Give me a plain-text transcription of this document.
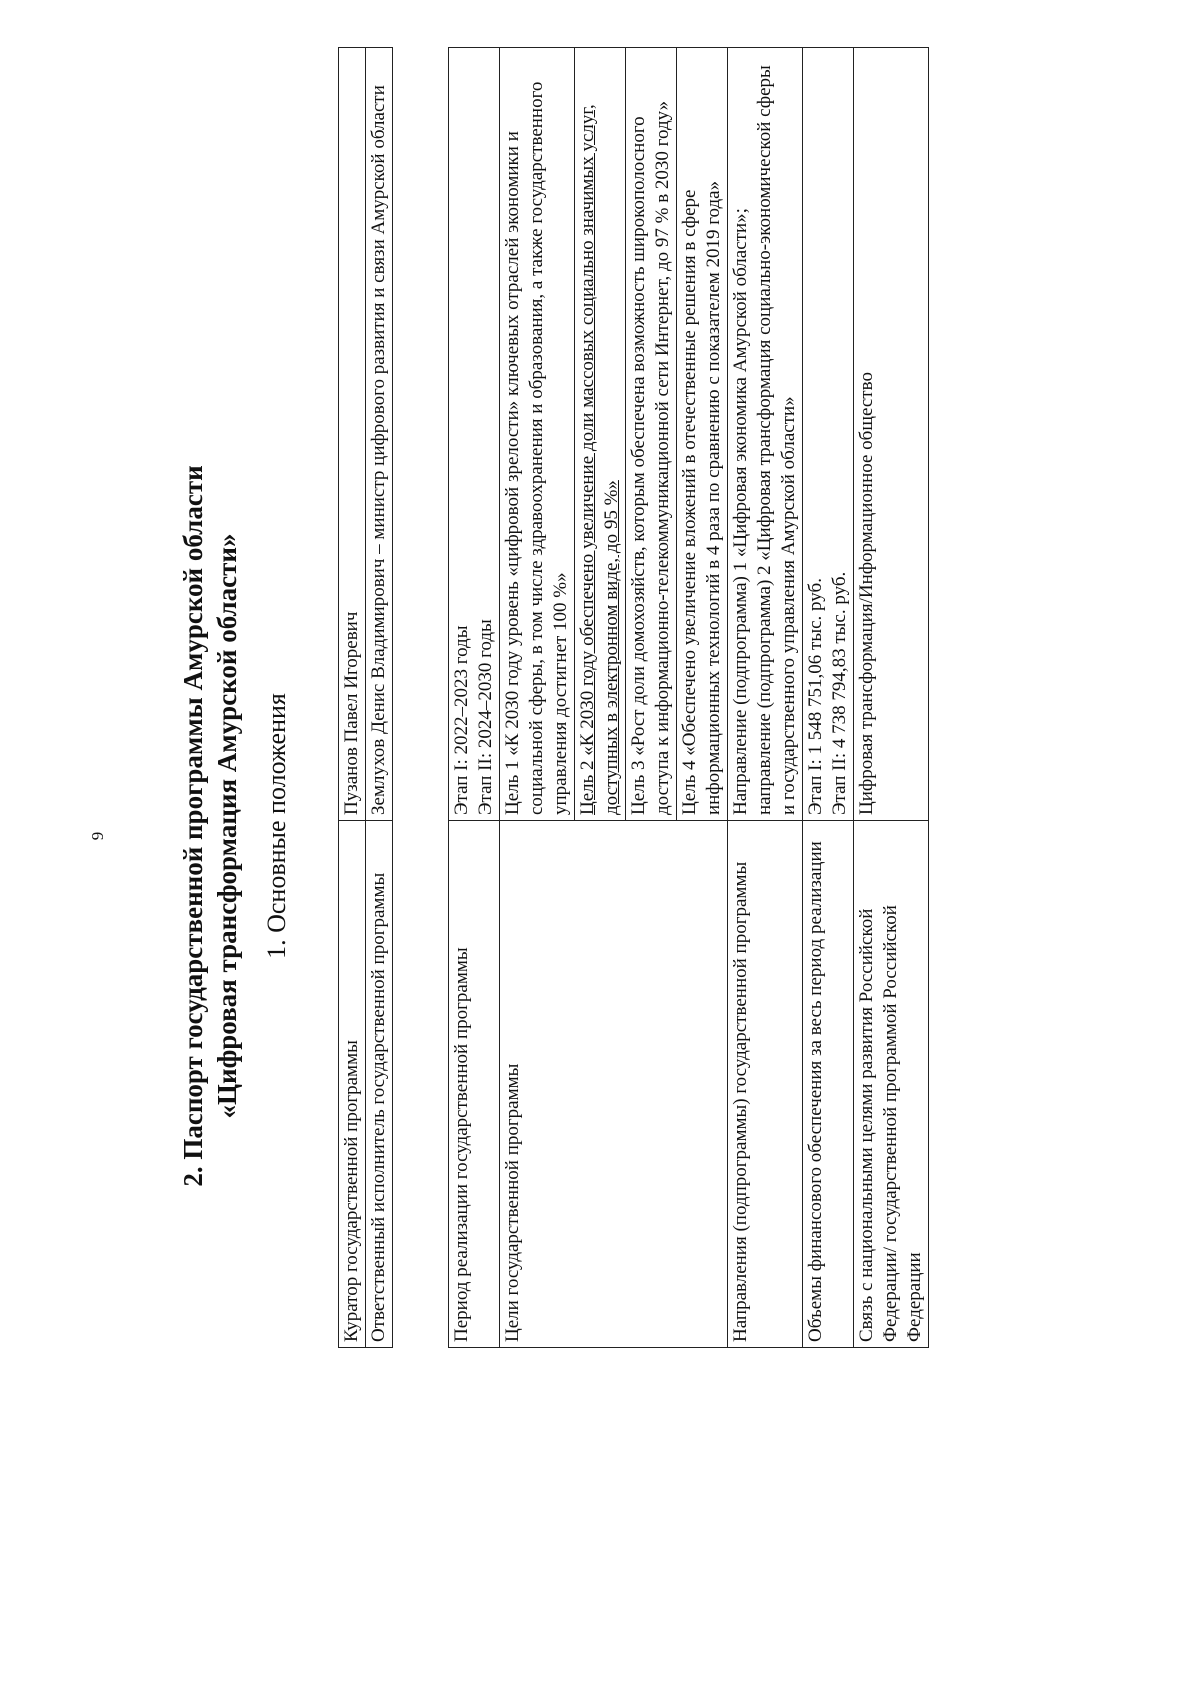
9	2. Паспорт государственной программы Амурской области «Цифровая трансформация Амурской области» 1. Основные положения
Куратор государственной программы	Пузанов Павел Игоревич
Ответственный исполнитель государственной программы	Землухов Денис Владимирович – министр цифрового развития и связи Амурской области
Период реализации государственной программы	Этап I: 2022–2023 годы Этап II: 2024–2030 годы

Цели государственной программы	Цель 1 «К 2030 году уровень «цифровой зрелости» ключевых отраслей экономики и социальной сферы, в том числе здравоохранения и образования, а также государственного управления достигнет 100 %»
	Цель 2 «К 2030 году обеспечено увеличение доли массовых социально значимых услуг, доступных в электронном виде, до 95 %»
	Цель 3 «Рост доли домохозяйств, которым обеспечена возможность широкополосного доступа к информационно-телекоммуникационной сети Интернет, до 97 % в 2030 году»
	Цель 4 «Обеспечено увеличение вложений в отечественные решения в сфере информационных технологий в 4 раза по сравнению с показателем 2019 года»
Направления (подпрограммы) государственной программы	Направление (подпрограмма) 1 «Цифровая экономика Амурской области»; направление (подпрограмма) 2 «Цифровая трансформация социально-экономической сферы и государственного управления Амурской области»

Объемы финансового обеспечения за весь период реализации	Этап I: 1 548 751,06 тыс. руб. Этап II: 4 738 794,83 тыс. руб.

Связь с национальными целями развития Российской Федерации/ государственной программой Российской Федерации	Цифровая трансформация/Информационное общество
